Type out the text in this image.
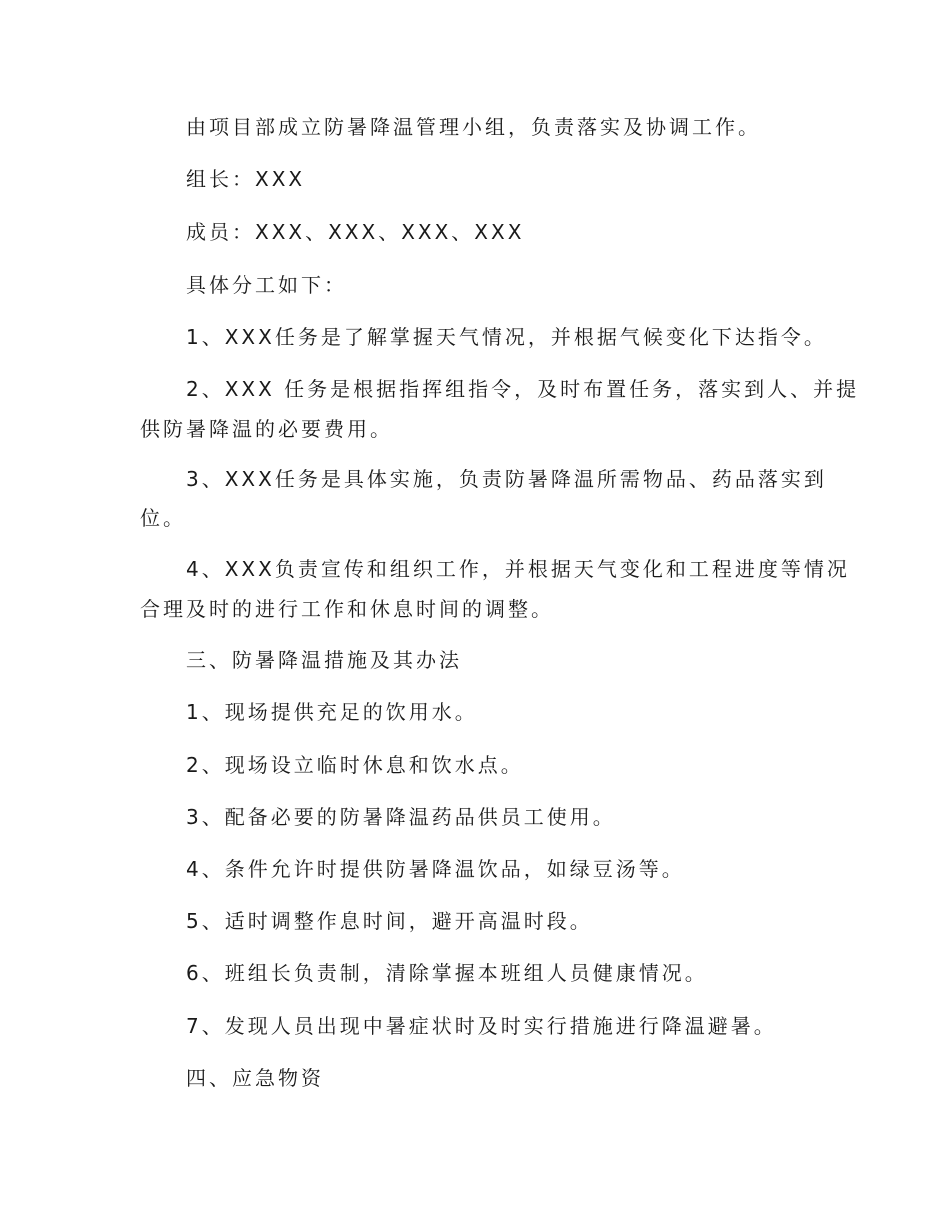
由项目部成立防暑降温管理小组，负责落实及协调工作。
组长：XXX
成员：XXX、XXX、XXX、XXX
具体分工如下：
1、XXX任务是了解掌握天气情况，并根据气候变化下达指令。
2、XXX 任务是根据指挥组指令，及时布置任务，落实到人、并提
供防暑降温的必要费用。
3、XXX任务是具体实施，负责防暑降温所需物品、药品落实到
位。
4、XXX负责宣传和组织工作，并根据天气变化和工程进度等情况
合理及时的进行工作和休息时间的调整。
三、防暑降温措施及其办法
1、现场提供充足的饮用水。
2、现场设立临时休息和饮水点。
3、配备必要的防暑降温药品供员工使用。
4、条件允许时提供防暑降温饮品，如绿豆汤等。
5、适时调整作息时间，避开高温时段。
6、班组长负责制，清除掌握本班组人员健康情况。
7、发现人员出现中暑症状时及时实行措施进行降温避暑。
四、应急物资
